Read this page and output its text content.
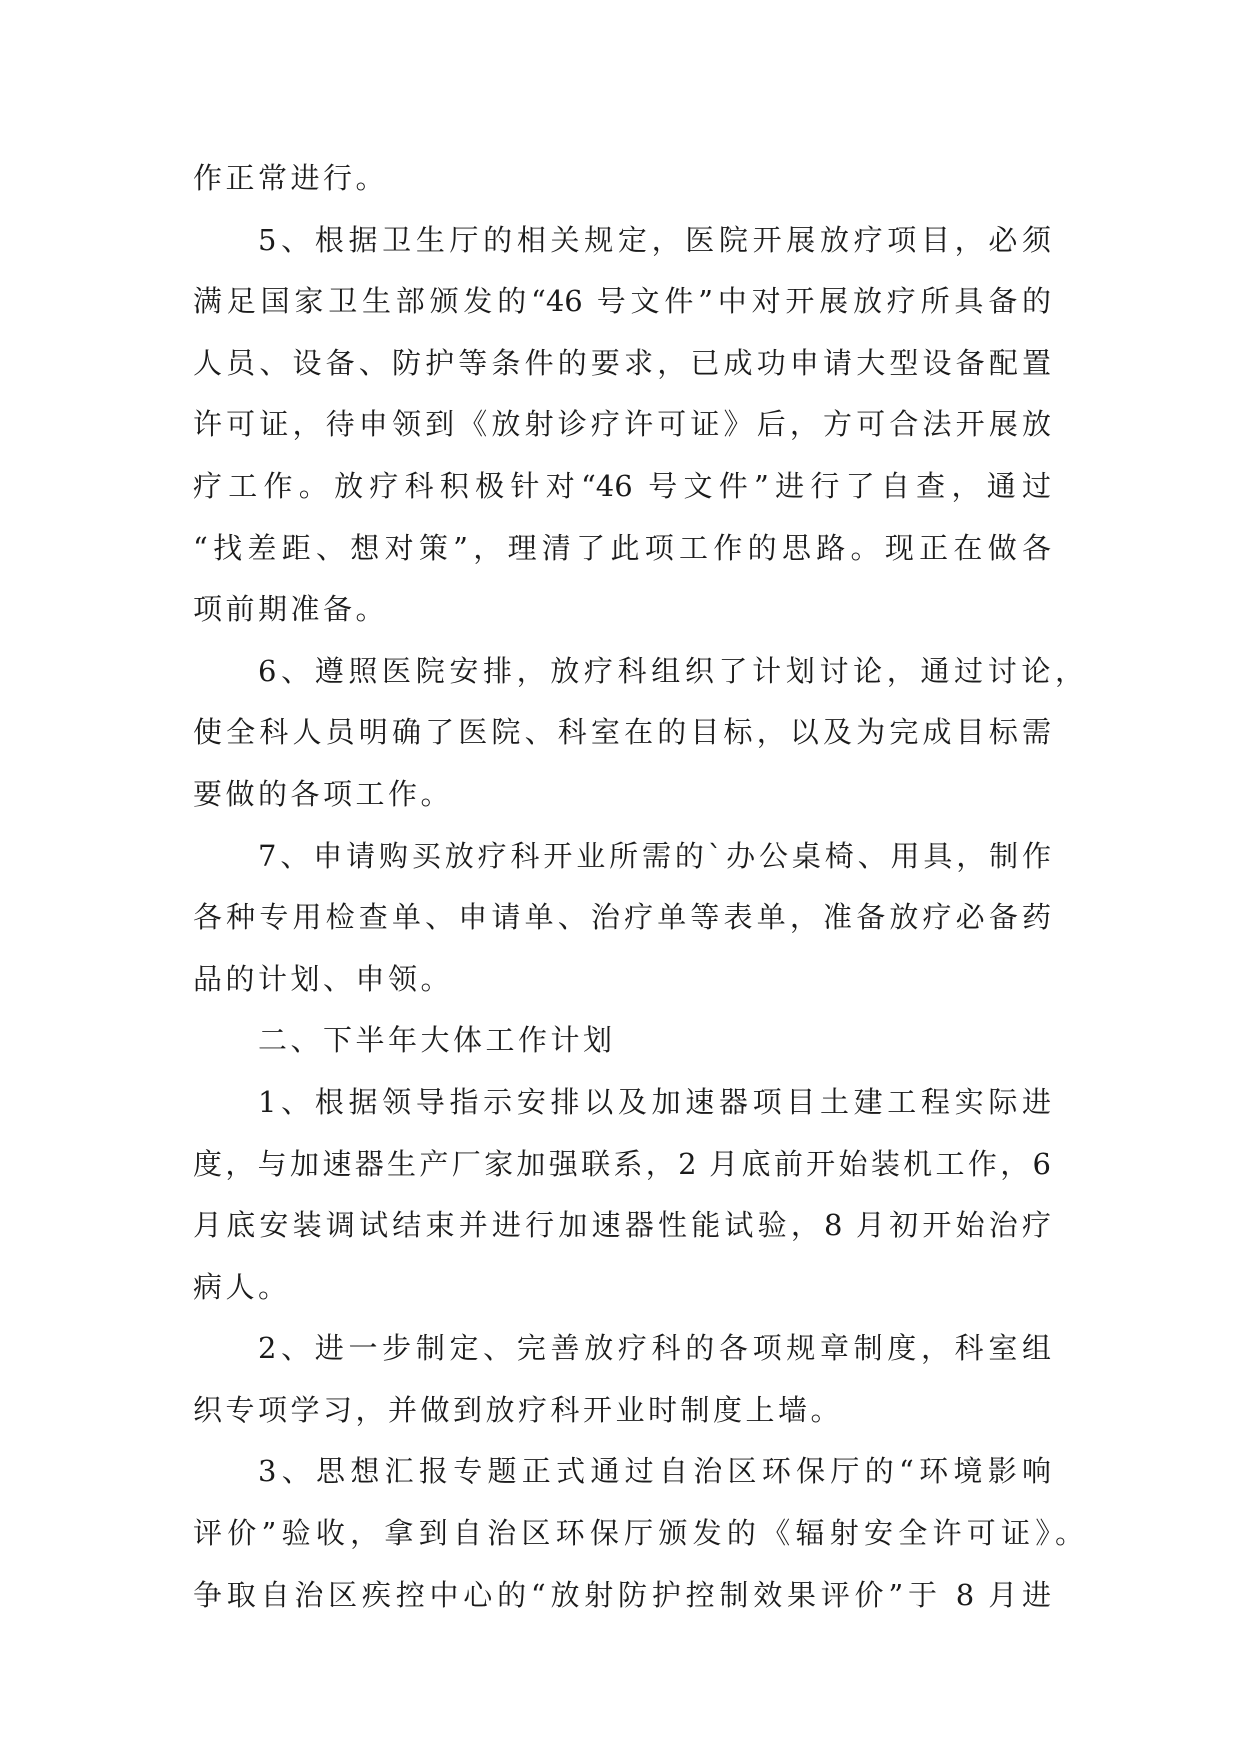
作正常进行。
5、根据卫生厅的相关规定，医院开展放疗项目，必须
满足国家卫生部颁发的“46 号文件”中对开展放疗所具备的
人员、设备、防护等条件的要求，已成功申请大型设备配置
许可证，待申领到《放射诊疗许可证》后，方可合法开展放
疗工作。放疗科积极针对“46 号文件”进行了自查，通过
“找差距、想对策”，理清了此项工作的思路。现正在做各
项前期准备。
6、遵照医院安排，放疗科组织了计划讨论，通过讨论，
使全科人员明确了医院、科室在的目标，以及为完成目标需
要做的各项工作。
7、申请购买放疗科开业所需的`办公桌椅、用具，制作
各种专用检查单、申请单、治疗单等表单，准备放疗必备药
品的计划、申领。
二、下半年大体工作计划
1、根据领导指示安排以及加速器项目土建工程实际进
度，与加速器生产厂家加强联系，2 月底前开始装机工作，6
月底安装调试结束并进行加速器性能试验，8 月初开始治疗
病人。
2、进一步制定、完善放疗科的各项规章制度，科室组
织专项学习，并做到放疗科开业时制度上墙。
3、思想汇报专题正式通过自治区环保厅的“环境影响
评价”验收，拿到自治区环保厅颁发的《辐射安全许可证》。
争取自治区疾控中心的“放射防护控制效果评价”于 8 月进
